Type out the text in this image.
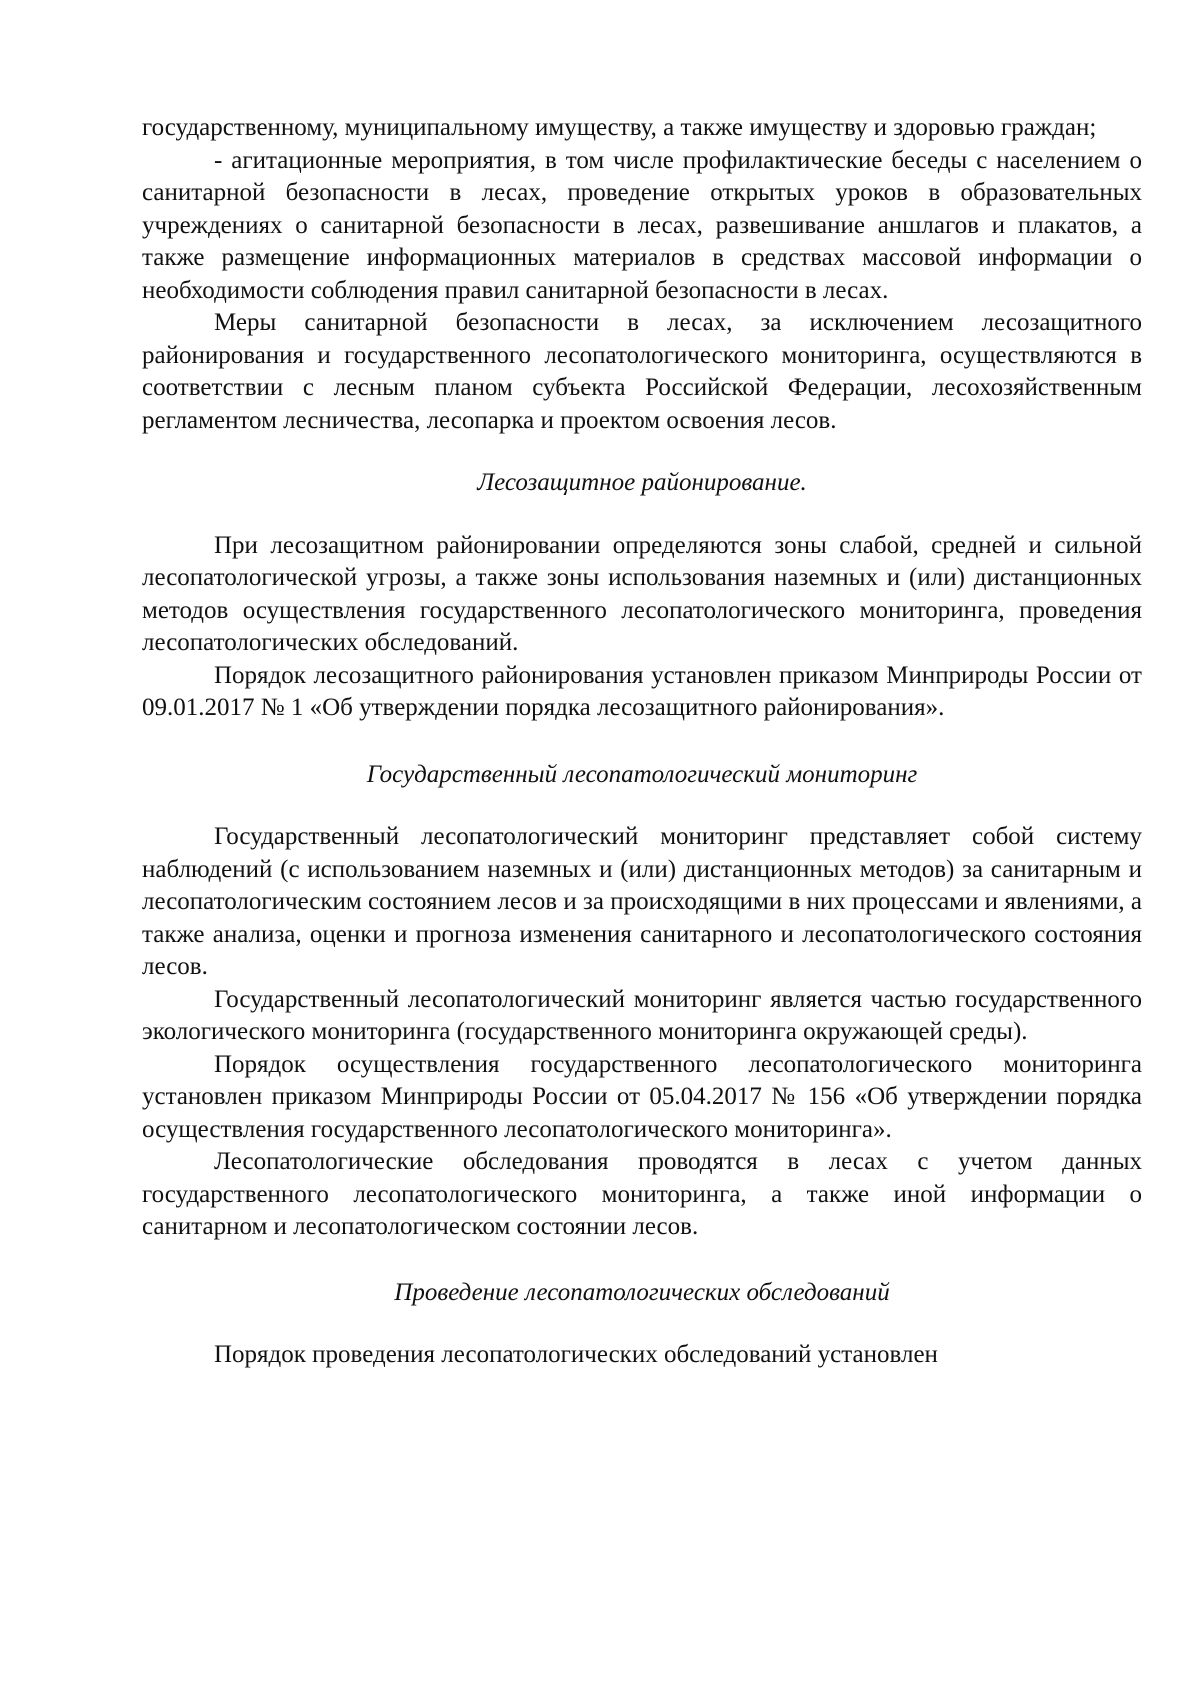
государственному, муниципальному имуществу, а также имуществу и здоровью граждан;

- агитационные мероприятия, в том числе профилактические беседы с населением о санитарной безопасности в лесах, проведение открытых уроков в образовательных учреждениях о санитарной безопасности в лесах, развешивание аншлагов и плакатов, а также размещение информационных материалов в средствах массовой информации о необходимости соблюдения правил санитарной безопасности в лесах.

Меры санитарной безопасности в лесах, за исключением лесозащитного районирования и государственного лесопатологического мониторинга, осуществляются в соответствии с лесным планом субъекта Российской Федерации, лесохозяйственным регламентом лесничества, лесопарка и проектом освоения лесов.

Лесозащитное районирование.

При лесозащитном районировании определяются зоны слабой, средней и сильной лесопатологической угрозы, а также зоны использования наземных и (или) дистанционных методов осуществления государственного лесопатологического мониторинга, проведения лесопатологических обследований.

Порядок лесозащитного районирования установлен приказом Минприроды России от 09.01.2017 № 1 «Об утверждении порядка лесозащитного районирования».

Государственный лесопатологический мониторинг

Государственный лесопатологический мониторинг представляет собой систему наблюдений (с использованием наземных и (или) дистанционных методов) за санитарным и лесопатологическим состоянием лесов и за происходящими в них процессами и явлениями, а также анализа, оценки и прогноза изменения санитарного и лесопатологического состояния лесов.

Государственный лесопатологический мониторинг является частью государственного экологического мониторинга (государственного мониторинга окружающей среды).

Порядок осуществления государственного лесопатологического мониторинга установлен приказом Минприроды России от 05.04.2017 № 156 «Об утверждении порядка осуществления государственного лесопатологического мониторинга».

Лесопатологические обследования проводятся в лесах с учетом данных государственного лесопатологического мониторинга, а также иной информации о санитарном и лесопатологическом состоянии лесов.

Проведение лесопатологических обследований

Порядок проведения лесопатологических обследований установлен
